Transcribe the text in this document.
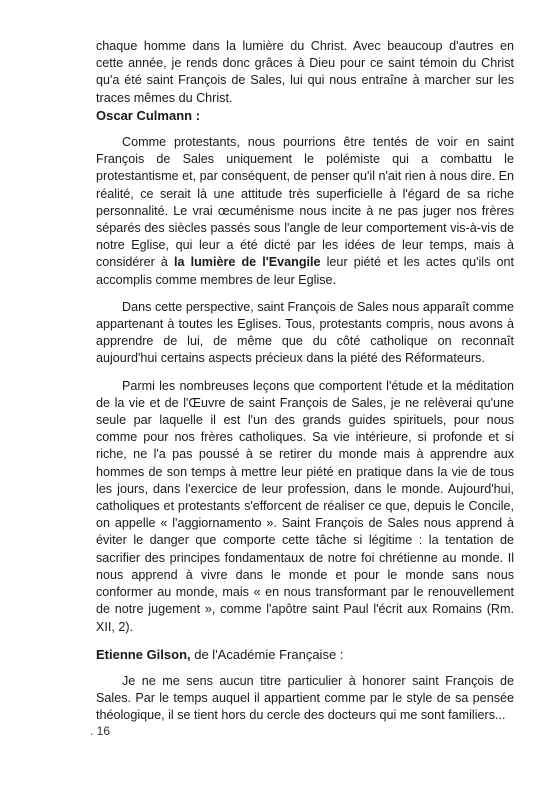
chaque homme dans la lumière du Christ. Avec beaucoup d'autres en cette année, je rends donc grâces à Dieu pour ce saint témoin du Christ qu'a été saint François de Sales, lui qui nous entraîne à marcher sur les traces mêmes du Christ.

Oscar Culmann :

Comme protestants, nous pourrions être tentés de voir en saint François de Sales uniquement le polémiste qui a combattu le protestantisme et, par conséquent, de penser qu'il n'ait rien à nous dire. En réalité, ce serait là une attitude très superficielle à l'égard de sa riche personnalité. Le vrai œcuménisme nous incite à ne pas juger nos frères séparés des siècles passés sous l'angle de leur comportement vis-à-vis de notre Eglise, qui leur a été dicté par les idées de leur temps, mais à considérer à la lumière de l'Evangile leur piété et les actes qu'ils ont accomplis comme membres de leur Eglise.

Dans cette perspective, saint François de Sales nous apparaît comme appartenant à toutes les Eglises. Tous, protestants compris, nous avons à apprendre de lui, de même que du côté catholique on reconnaît aujourd'hui certains aspects précieux dans la piété des Réformateurs.

Parmi les nombreuses leçons que comportent l'étude et la méditation de la vie et de l'Œuvre de saint François de Sales, je ne relèverai qu'une seule par laquelle il est l'un des grands guides spirituels, pour nous comme pour nos frères catholiques. Sa vie intérieure, si profonde et si riche, ne l'a pas poussé à se retirer du monde mais à apprendre aux hommes de son temps à mettre leur piété en pratique dans la vie de tous les jours, dans l'exercice de leur profession, dans le monde. Aujourd'hui, catholiques et protestants s'efforcent de réaliser ce que, depuis le Concile, on appelle « l'aggiornamento ». Saint François de Sales nous apprend à éviter le danger que comporte cette tâche si légitime : la tentation de sacrifier des principes fondamentaux de notre foi chrétienne au monde. Il nous apprend à vivre dans le monde et pour le monde sans nous conformer au monde, mais « en nous transformant par le renouvellement de notre jugement », comme l'apôtre saint Paul l'écrit aux Romains (Rm. XII, 2).

Etienne Gilson, de l'Académie Française :

Je ne me sens aucun titre particulier à honorer saint François de Sales. Par le temps auquel il appartient comme par le style de sa pensée théologique, il se tient hors du cercle des docteurs qui me sont familiers...

. 16
